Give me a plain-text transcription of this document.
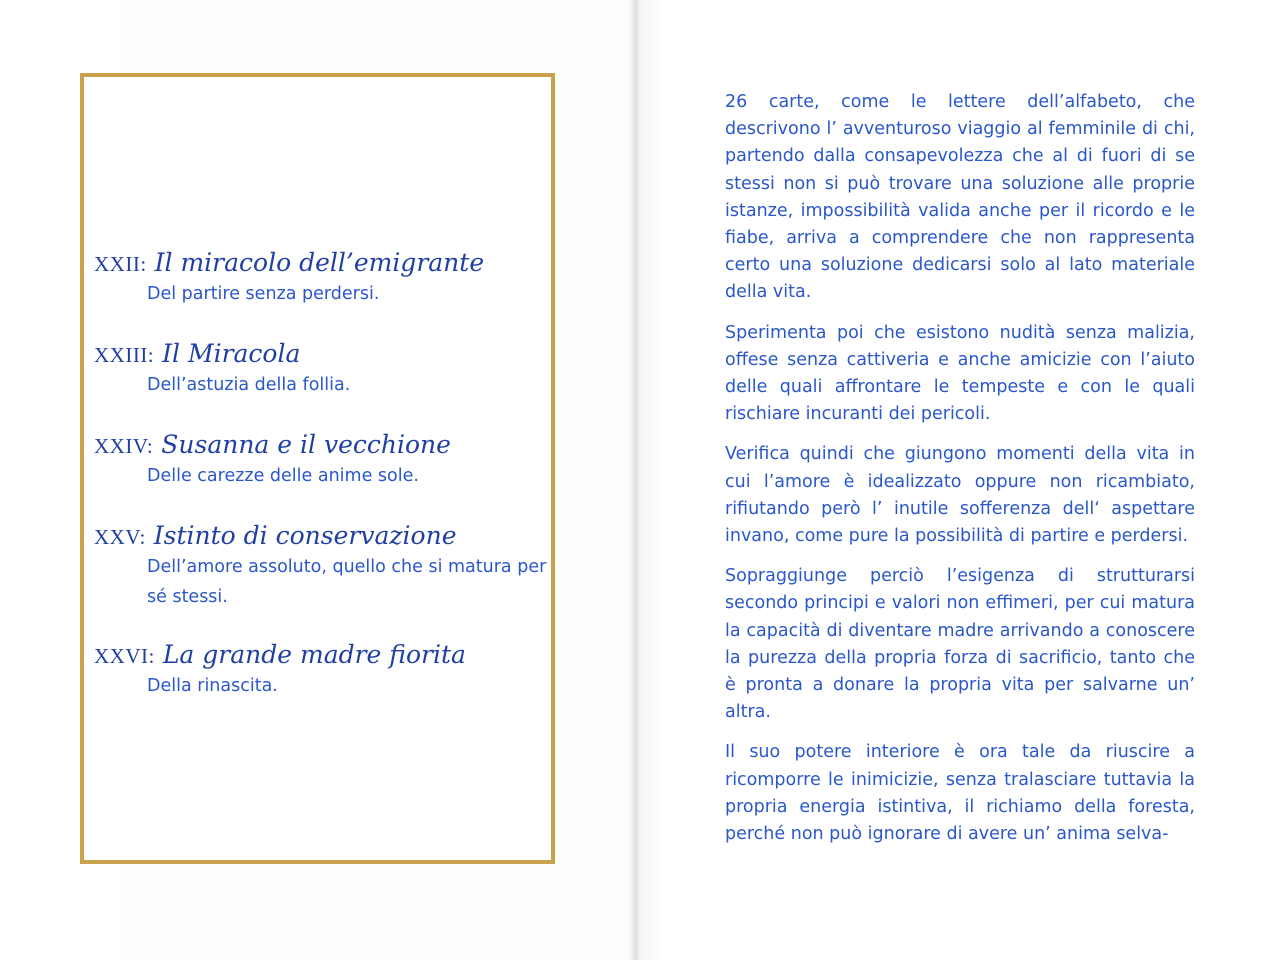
XXII: Il miracolo dell’emigrante
Del partire senza perdersi.
XXIII: Il Miracola
Dell’astuzia della follia.
XXIV: Susanna e il vecchione
Delle carezze delle anime sole.
XXV: Istinto di conservazione
Dell’amore assoluto, quello che si matura per sé stessi.
XXVI: La grande madre fiorita
Della rinascita.

26 carte, come le lettere dell’alfabeto, che descrivono l’ avventuroso viaggio al femminile di chi, partendo dalla consapevolezza che al di fuori di se stessi non si può trovare una soluzione alle proprie istanze, impossibilità valida anche per il ricordo e le fiabe, arriva a comprendere che non rappresenta certo una soluzione dedicarsi solo al lato materiale della vita.

Sperimenta poi che esistono nudità senza malizia, offese senza cattiveria e anche amicizie con l’aiuto delle quali affrontare le tempeste e con le quali rischiare incuranti dei pericoli.

Verifica quindi che giungono momenti della vita in cui l’amore è idealizzato oppure non ricambiato, rifiutando però l’ inutile sofferenza dell‘ aspettare invano, come pure la possibilità di partire e perdersi.

Sopraggiunge perciò l’esigenza di strutturarsi secondo principi e valori non effimeri, per cui matura la capacità di diventare madre arrivando a conoscere la purezza della propria forza di sacrificio, tanto che è pronta a donare la propria vita per salvarne un’ altra.

Il suo potere interiore è ora tale da riuscire a ricomporre le inimicizie, senza tralasciare tuttavia la propria energia istintiva, il richiamo della foresta, perché non può ignorare di avere un’ anima selva-
